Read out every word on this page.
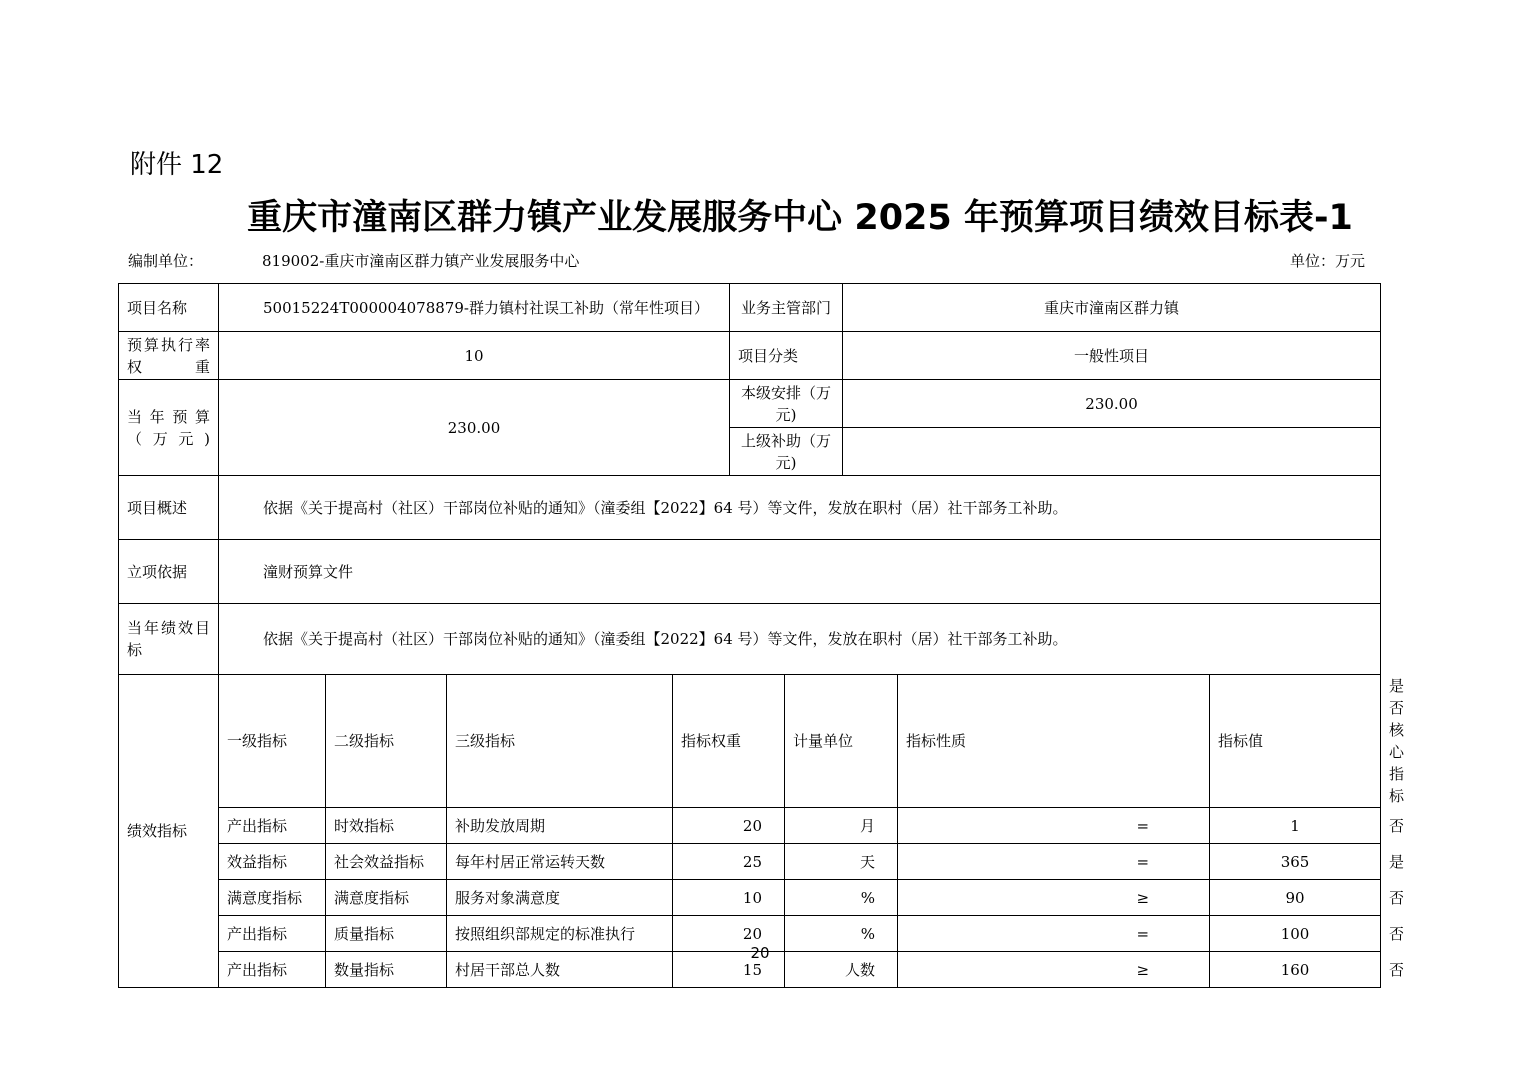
附件 12
重庆市潼南区群力镇产业发展服务中心 2025 年预算项目绩效目标表-1
编制单位：	819002-重庆市潼南区群力镇产业发展服务中心	单位：万元
项目名称	50015224T000004078879-群力镇村社误工补助（常年性项目）				业务主管部门		重庆市潼南区群力镇			
预算执行率权重	10				项目分类		一般性项目			
当年预算（万元)	230.00				本级安排（万元)		230.00			
					上级补助（万元)					
项目概述	依据《关于提高村（社区）干部岗位补贴的通知》（潼委组【2022】64 号）等文件，发放在职村（居）社干部务工补助。									
立项依据	潼财预算文件									
当年绩效目标	依据《关于提高村（社区）干部岗位补贴的通知》（潼委组【2022】64 号）等文件，发放在职村（居）社干部务工补助。									
绩效指标	一级指标	二级指标	三级指标	指标权重		计量单位		指标性质	指标值	是否核心指标
	产出指标	时效指标	补助发放周期	20		月		=	1	否
	效益指标	社会效益指标	每年村居正常运转天数	25		天		=	365	是
	满意度指标	满意度指标	服务对象满意度	10		%		≥	90	否
	产出指标	质量指标	按照组织部规定的标准执行	20		%		=	100	否
	产出指标	数量指标	村居干部总人数	15		人数		≥	160	否
20
